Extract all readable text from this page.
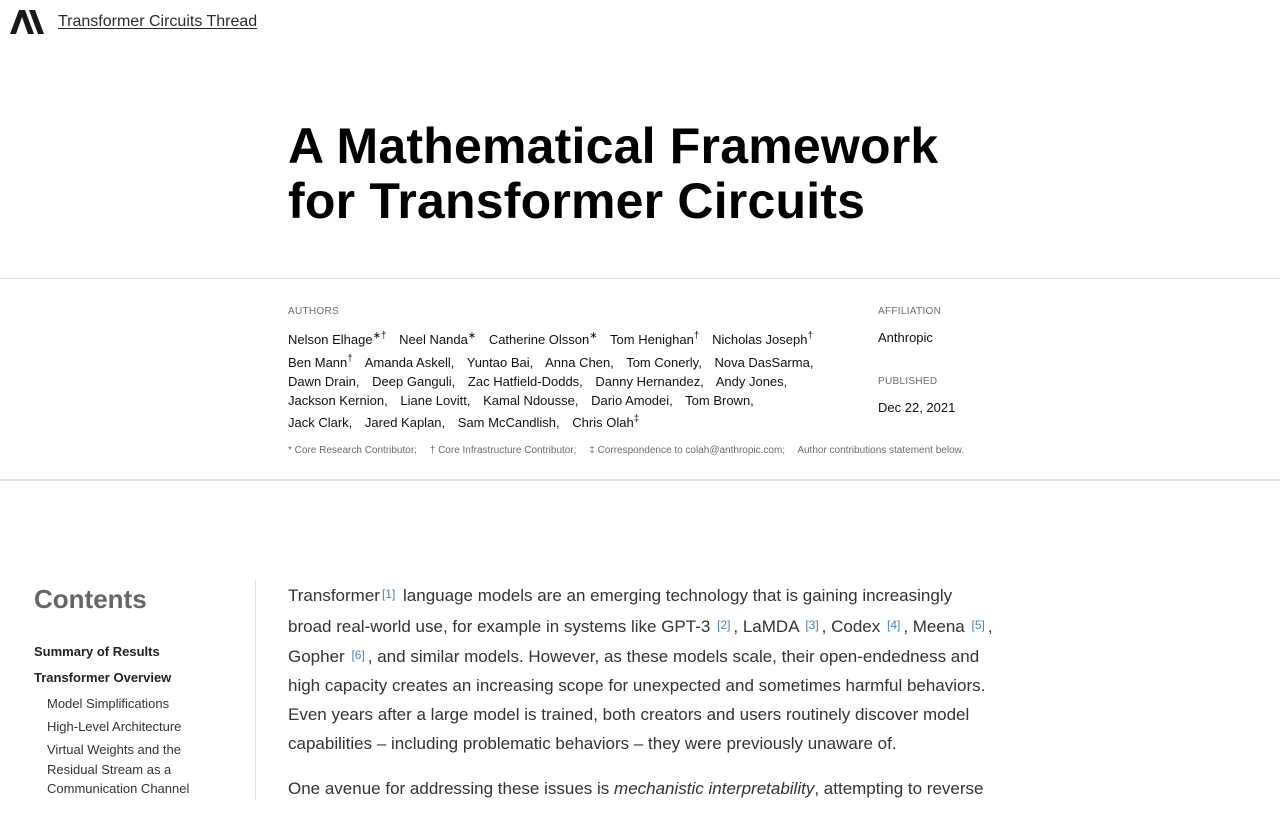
Transformer Circuits Thread
A Mathematical Framework
for Transformer Circuits
AUTHORS
Nelson Elhage∗† Neel Nanda∗ Catherine Olsson∗ Tom Henighan† Nicholas Joseph† Ben Mann† Amanda Askell, Yuntao Bai, Anna Chen, Tom Conerly, Nova DasSarma, Dawn Drain, Deep Ganguli, Zac Hatfield-Dodds, Danny Hernandez, Andy Jones, Jackson Kernion, Liane Lovitt, Kamal Ndousse, Dario Amodei, Tom Brown, Jack Clark, Jared Kaplan, Sam McCandlish, Chris Olah‡
AFFILIATION
Anthropic
PUBLISHED
Dec 22, 2021
* Core Research Contributor; † Core Infrastructure Contributor; ‡ Correspondence to colah@anthropic.com; Author contributions statement below.
Contents
Summary of Results
Transformer Overview
Model Simplifications
High-Level Architecture
Virtual Weights and the Residual Stream as a Communication Channel

Transformer [1] language models are an emerging technology that is gaining increasingly broad real-world use, for example in systems like GPT-3 [2] , LaMDA [3] , Codex [4] , Meena [5] , Gopher [6] , and similar models. However, as these models scale, their open-endedness and high capacity creates an increasing scope for unexpected and sometimes harmful behaviors. Even years after a large model is trained, both creators and users routinely discover model capabilities – including problematic behaviors – they were previously unaware of.

One avenue for addressing these issues is mechanistic interpretability, attempting to reverse
